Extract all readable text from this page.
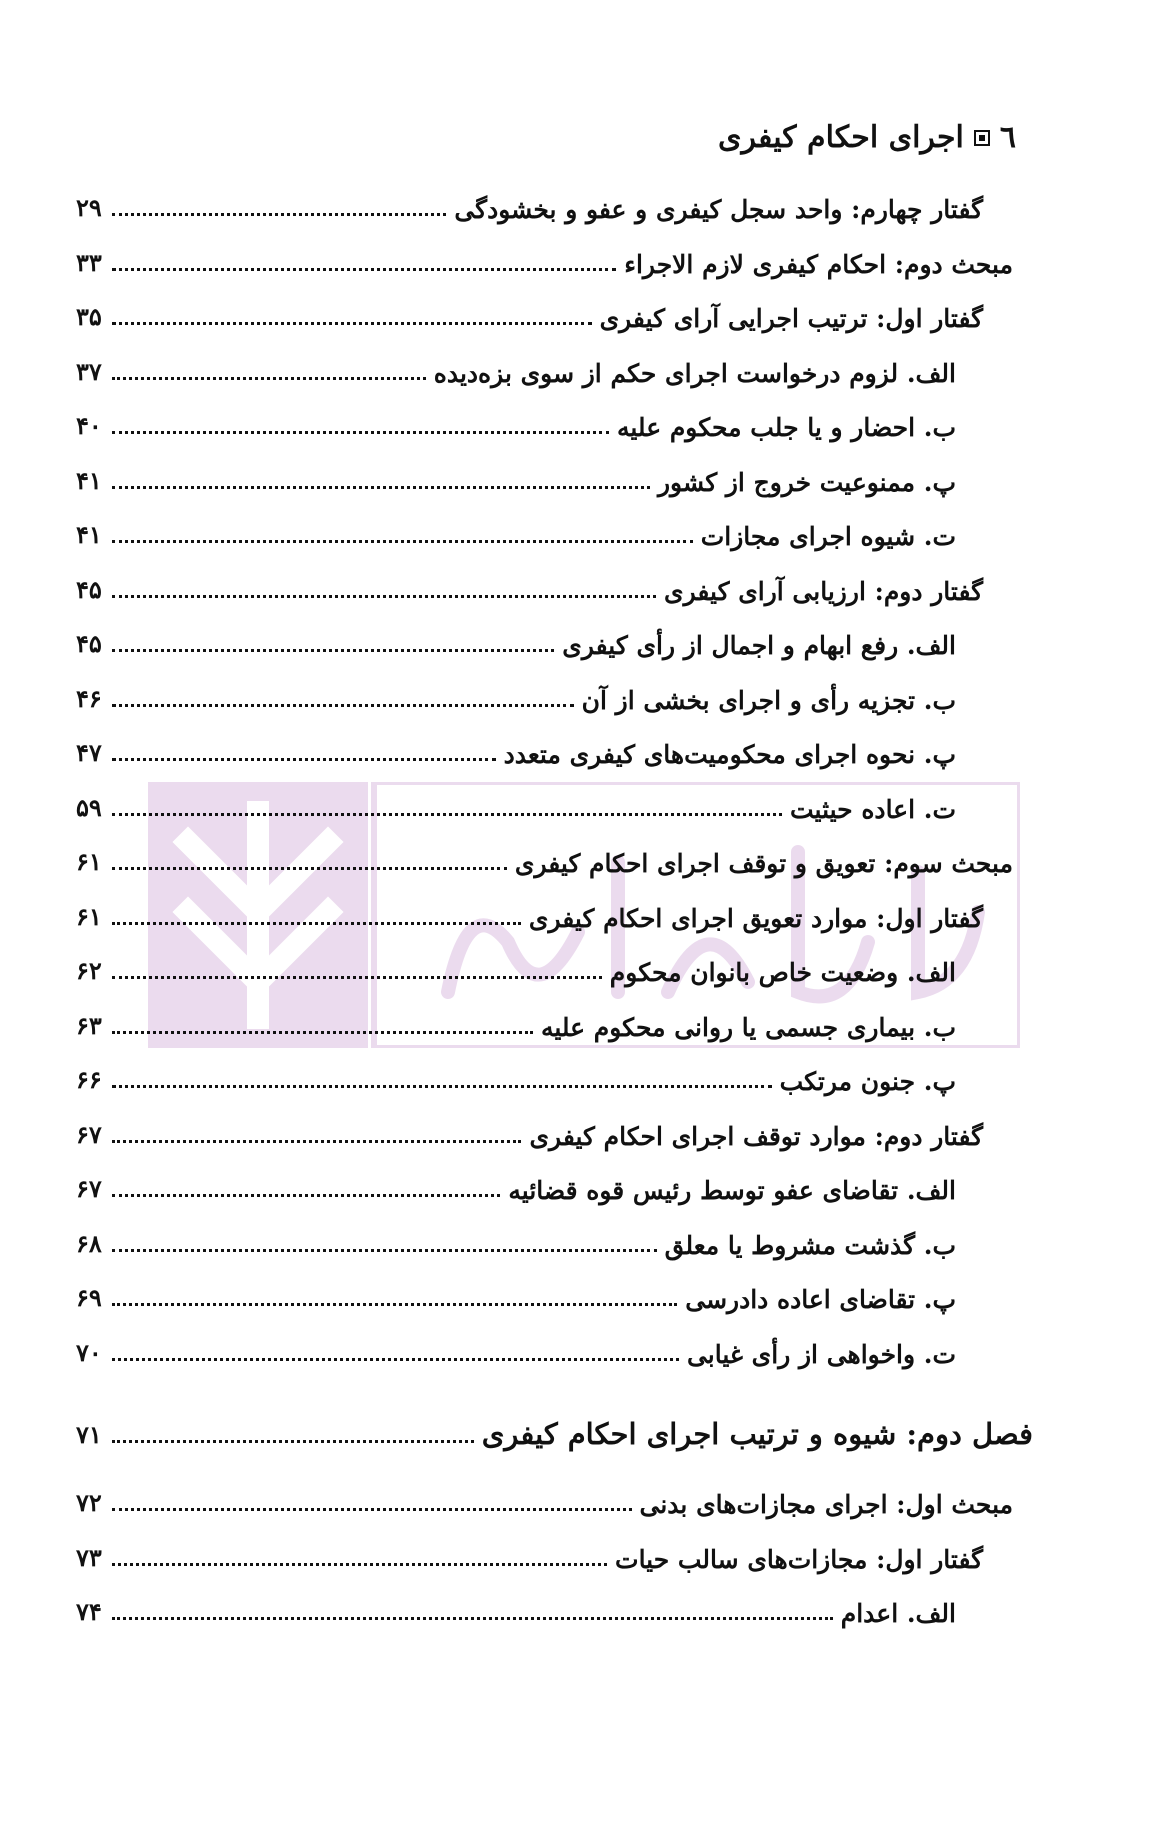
٦
اجرای احکام کیفری
گفتار چهارم: واحد سجل کیفری و عفو و بخشودگی
۲۹
مبحث دوم: احکام کیفری لازم الاجراء
۳۳
گفتار اول: ترتیب اجرایی آرای کیفری
۳۵
الف. لزوم درخواست اجرای حکم از سوی بزه‌دیده
۳۷
ب. احضار و یا جلب محکوم علیه
۴۰
پ. ممنوعیت خروج از کشور
۴۱
ت. شیوه اجرای مجازات
۴۱
گفتار دوم: ارزیابی آرای کیفری
۴۵
الف. رفع ابهام و اجمال از رأی کیفری
۴۵
ب. تجزیه رأی و اجرای بخشی از آن
۴۶
پ. نحوه اجرای محکومیت‌های کیفری متعدد
۴۷
ت. اعاده حیثیت
۵۹
مبحث سوم: تعویق و توقف اجرای احکام کیفری
۶۱
گفتار اول: موارد تعویق اجرای احکام کیفری
۶۱
الف. وضعیت خاص بانوان محکوم
۶۲
ب. بیماری جسمی یا روانی محکوم علیه
۶۳
پ. جنون مرتکب
۶۶
گفتار دوم: موارد توقف اجرای احکام کیفری
۶۷
الف. تقاضای عفو توسط رئیس قوه قضائیه
۶۷
ب. گذشت مشروط یا معلق
۶۸
پ. تقاضای اعاده دادرسی
۶۹
ت. واخواهی از رأی غیابی
۷۰
فصل دوم: شیوه و ترتیب اجرای احکام کیفری
۷۱
مبحث اول: اجرای مجازات‌های بدنی
۷۲
گفتار اول: مجازات‌های سالب حیات
۷۳
الف. اعدام
۷۴
